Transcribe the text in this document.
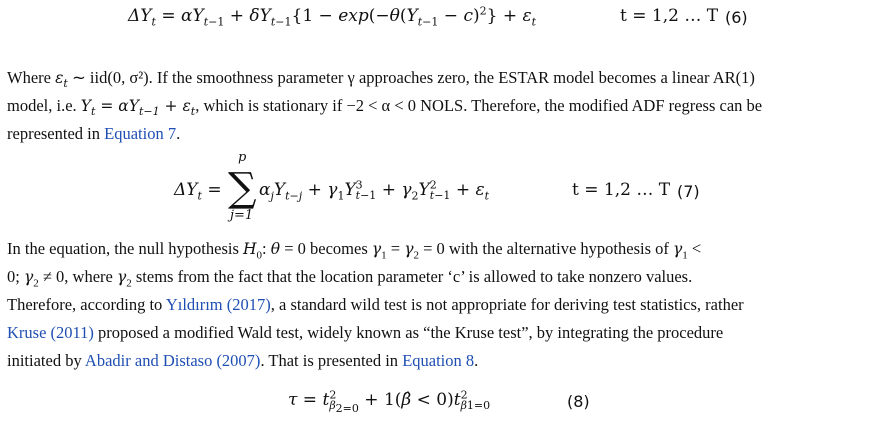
$\Delta Y_t = \alpha Y_{t-1} + \delta Y_{t-1}\{1 - \exp(-\theta(Y_{t-1} - c)^2\} + \varepsilon_t$	t = 1,2 … T (6)
Where $\varepsilon_t$ ∼ iid(0, σ²). If the smoothness parameter γ approaches zero, the ESTAR model becomes a linear AR(1)
model, i.e. $Y_t = \alpha Y_{t-1} + \varepsilon_t$, which is stationary if −2 < α < 0 NOLS. Therefore, the modified ADF regress can be
represented in Equation 7.
p
$\Delta Y_t$ = ∑
j=1
$\alpha_jY_{t-j} + \gamma_1Y^3_{t-1} + \gamma_2Y^2_{t-1} + \varepsilon_t$	t = 1,2 … T (7)
In the equation, the null hypothesis $H_0$: θ = 0 becomes $\gamma_1 = \gamma_2 = 0$ with the alternative hypothesis of $\gamma_1$ <
0; $\gamma_2 \ne 0$, where $\gamma_2$ stems from the fact that the location parameter ‘c’ is allowed to take nonzero values.
Therefore, according to Yıldırım (2017), a standard wild test is not appropriate for deriving test statistics, rather
Kruse (2011) proposed a modified Wald test, widely known as “the Kruse test”, by integrating the procedure
initiated by Abadir and Distaso (2007). That is presented in Equation 8.
$\tau = t^2_{\beta_{2=0}}$ + 1(β̂ < $0)t^2_{\beta 1=0}$	(8)
